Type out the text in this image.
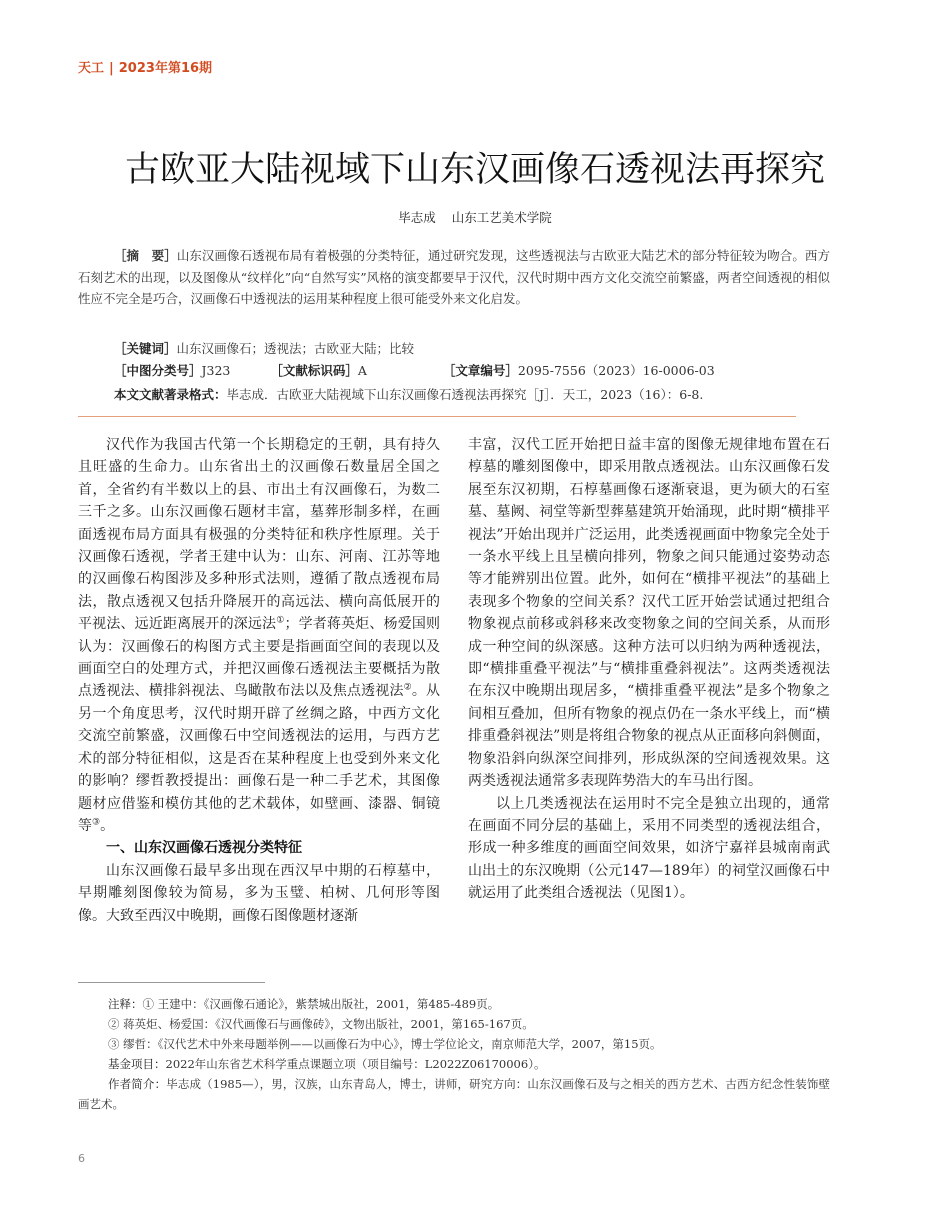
天工 | 2023年第16期
古欧亚大陆视域下山东汉画像石透视法再探究
毕志成 山东工艺美术学院
［摘　要］山东汉画像石透视布局有着极强的分类特征，通过研究发现，这些透视法与古欧亚大陆艺术的部分特征较为吻合。西方石刻艺术的出现，以及图像从“纹样化”向“自然写实”风格的演变都要早于汉代，汉代时期中西方文化交流空前繁盛，两者空间透视的相似性应不完全是巧合，汉画像石中透视法的运用某种程度上很可能受外来文化启发。
［关键词］山东汉画像石；透视法；古欧亚大陆；比较
［中图分类号］J323	［文献标识码］A	［文章编号］2095-7556（2023）16-0006-03
本文文献著录格式：毕志成．古欧亚大陆视域下山东汉画像石透视法再探究［J］．天工，2023（16）：6-8.

汉代作为我国古代第一个长期稳定的王朝，具有持久且旺盛的生命力。山东省出土的汉画像石数量居全国之首，全省约有半数以上的县、市出土有汉画像石，为数二三千之多。山东汉画像石题材丰富，墓葬形制多样，在画面透视布局方面具有极强的分类特征和秩序性原理。关于汉画像石透视，学者王建中认为：山东、河南、江苏等地的汉画像石构图涉及多种形式法则，遵循了散点透视布局法，散点透视又包括升降展开的高远法、横向高低展开的平视法、远近距离展开的深远法①；学者蒋英炬、杨爱国则认为：汉画像石的构图方式主要是指画面空间的表现以及画面空白的处理方式，并把汉画像石透视法主要概括为散点透视法、横排斜视法、鸟瞰散布法以及焦点透视法②。从另一个角度思考，汉代时期开辟了丝绸之路，中西方文化交流空前繁盛，汉画像石中空间透视法的运用，与西方艺术的部分特征相似，这是否在某种程度上也受到外来文化的影响？缪哲教授提出：画像石是一种二手艺术，其图像题材应借鉴和模仿其他的艺术载体，如壁画、漆器、铜镜等③。

一、山东汉画像石透视分类特征

山东汉画像石最早多出现在西汉早中期的石椁墓中，早期雕刻图像较为简易，多为玉璧、柏树、几何形等图像。大致至西汉中晚期，画像石图像题材逐渐

丰富，汉代工匠开始把日益丰富的图像无规律地布置在石椁墓的雕刻图像中，即采用散点透视法。山东汉画像石发展至东汉初期，石椁墓画像石逐渐衰退，更为硕大的石室墓、墓阙、祠堂等新型葬墓建筑开始涌现，此时期“横排平视法”开始出现并广泛运用，此类透视画面中物象完全处于一条水平线上且呈横向排列，物象之间只能通过姿势动态等才能辨别出位置。此外，如何在“横排平视法”的基础上表现多个物象的空间关系？汉代工匠开始尝试通过把组合物象视点前移或斜移来改变物象之间的空间关系，从而形成一种空间的纵深感。这种方法可以归纳为两种透视法，即“横排重叠平视法”与“横排重叠斜视法”。这两类透视法在东汉中晚期出现居多，“横排重叠平视法”是多个物象之间相互叠加，但所有物象的视点仍在一条水平线上，而“横排重叠斜视法”则是将组合物象的视点从正面移向斜侧面，物象沿斜向纵深空间排列，形成纵深的空间透视效果。这两类透视法通常多表现阵势浩大的车马出行图。

以上几类透视法在运用时不完全是独立出现的，通常在画面不同分层的基础上，采用不同类型的透视法组合，形成一种多维度的画面空间效果，如济宁嘉祥县城南南武山出土的东汉晚期（公元147—189年）的祠堂汉画像石中就运用了此类组合透视法（见图1）。

注释：① 王建中：《汉画像石通论》，紫禁城出版社，2001，第485-489页。
② 蒋英炬、杨爱国：《汉代画像石与画像砖》，文物出版社，2001，第165-167页。
③ 缪哲：《汉代艺术中外来母题举例——以画像石为中心》，博士学位论文，南京师范大学，2007，第15页。
基金项目：2022年山东省艺术科学重点课题立项（项目编号：L2022Z06170006）。
作者简介：毕志成（1985—），男，汉族，山东青岛人，博士，讲师，研究方向：山东汉画像石及与之相关的西方艺术、古西方纪念性装饰壁画艺术。
6
